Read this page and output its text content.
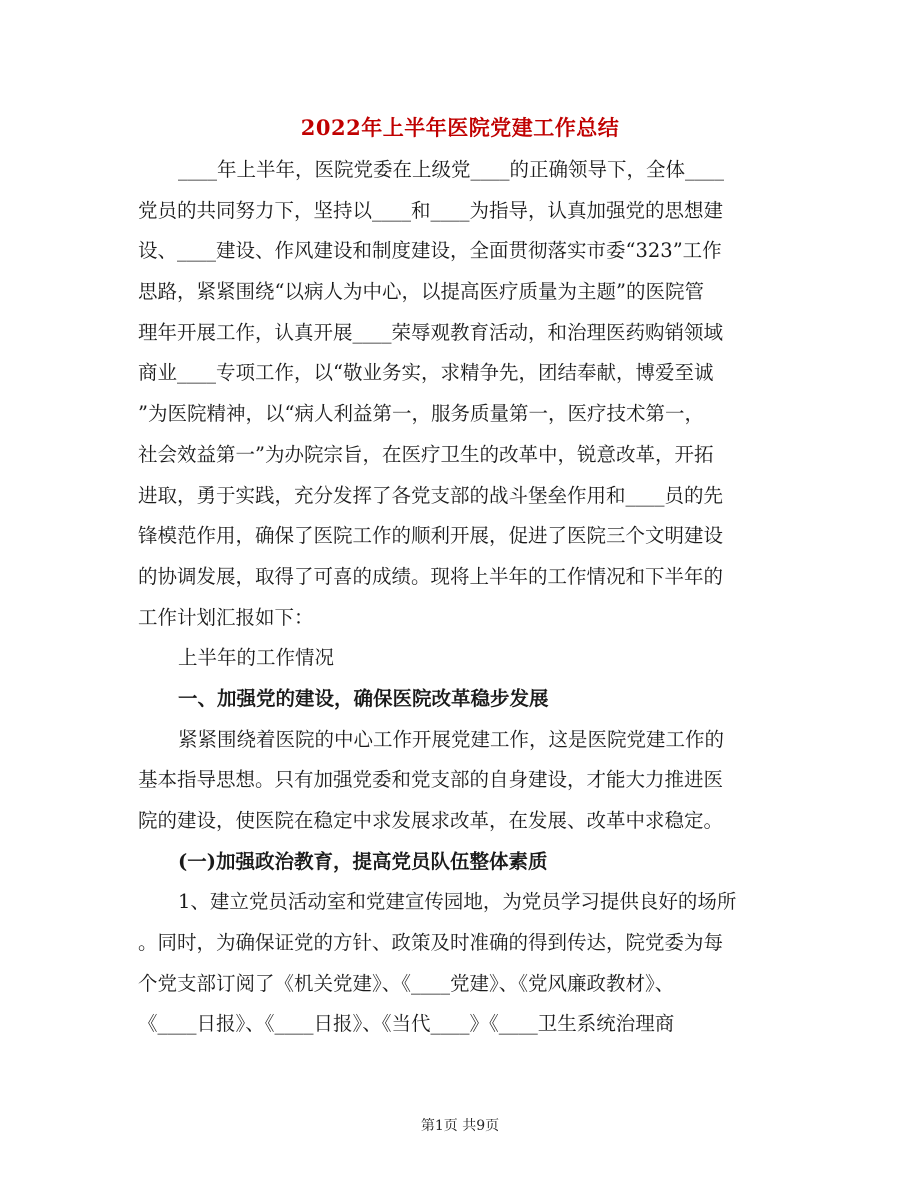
2022年上半年医院党建工作总结
____年上半年，医院党委在上级党____的正确领导下，全体____
党员的共同努力下，坚持以____和____为指导，认真加强党的思想建
设、____建设、作风建设和制度建设，全面贯彻落实市委“323”工作
思路，紧紧围绕“以病人为中心，以提高医疗质量为主题”的医院管
理年开展工作，认真开展____荣辱观教育活动，和治理医药购销领域
商业____专项工作，以“敬业务实，求精争先，团结奉献，博爱至诚
”为医院精神，以“病人利益第一，服务质量第一，医疗技术第一，
社会效益第一”为办院宗旨，在医疗卫生的改革中，锐意改革，开拓
进取，勇于实践，充分发挥了各党支部的战斗堡垒作用和____员的先
锋模范作用，确保了医院工作的顺利开展，促进了医院三个文明建设
的协调发展，取得了可喜的成绩。现将上半年的工作情况和下半年的
工作计划汇报如下：
上半年的工作情况
一、加强党的建设，确保医院改革稳步发展
紧紧围绕着医院的中心工作开展党建工作，这是医院党建工作的
基本指导思想。只有加强党委和党支部的自身建设，才能大力推进医
院的建设，使医院在稳定中求发展求改革，在发展、改革中求稳定。
(一)加强政治教育，提高党员队伍整体素质
1、建立党员活动室和党建宣传园地，为党员学习提供良好的场所
。同时，为确保证党的方针、政策及时准确的得到传达，院党委为每
个党支部订阅了《机关党建》、《____党建》、《党风廉政教材》、
《____日报》、《____日报》、《当代____》《____卫生系统治理商
第1页 共9页
